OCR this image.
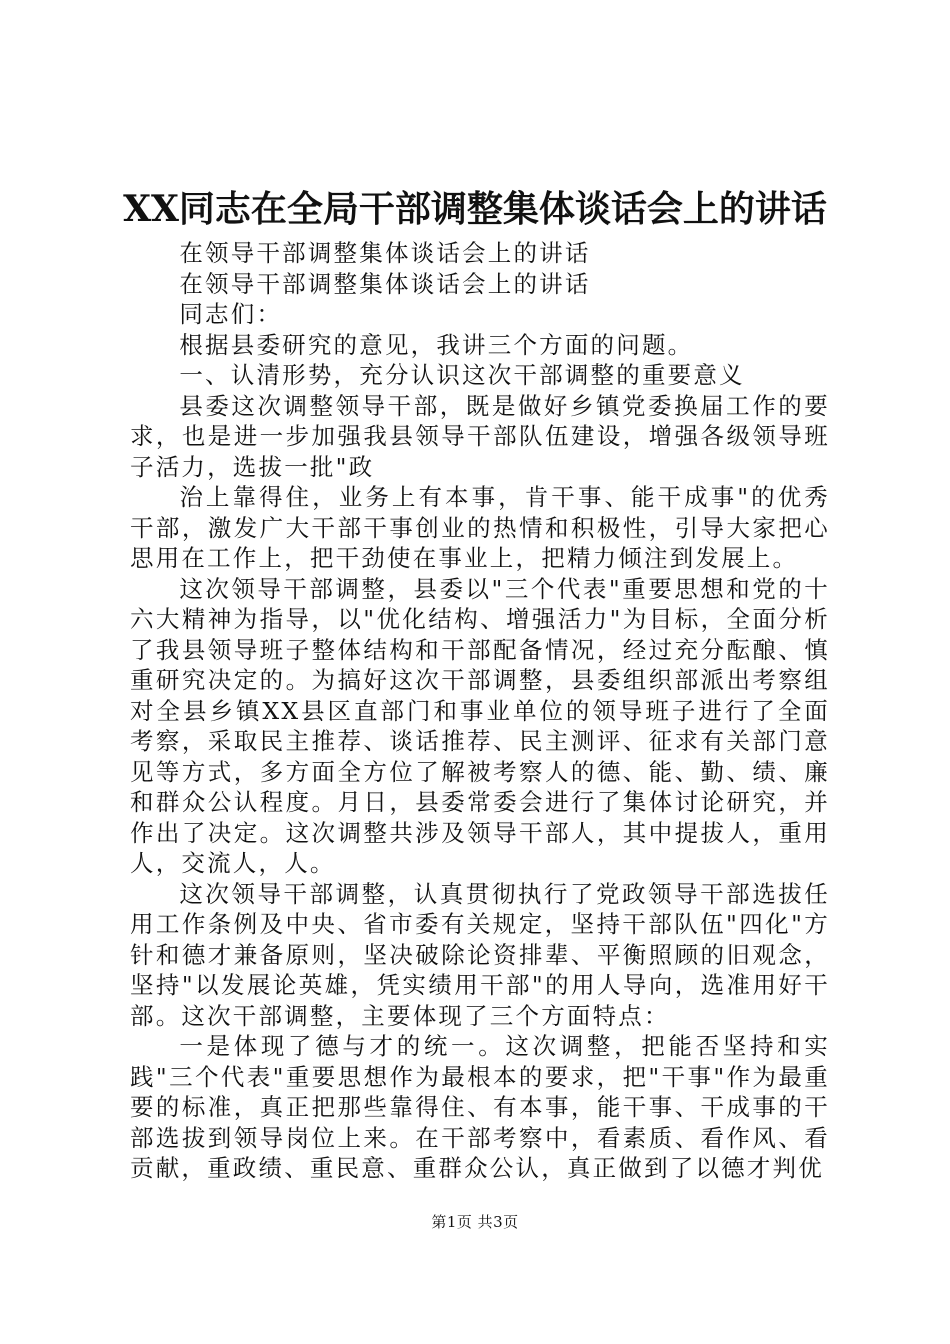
XX同志在全局干部调整集体谈话会上的讲话

在领导干部调整集体谈话会上的讲话

在领导干部调整集体谈话会上的讲话

同志们：

根据县委研究的意见，我讲三个方面的问题。

一、认清形势，充分认识这次干部调整的重要意义

县委这次调整领导干部，既是做好乡镇党委换届工作的要求，也是进一步加强我县领导干部队伍建设，增强各级领导班子活力，选拔一批"政

治上靠得住，业务上有本事，肯干事、能干成事"的优秀干部，激发广大干部干事创业的热情和积极性，引导大家把心思用在工作上，把干劲使在事业上，把精力倾注到发展上。

这次领导干部调整，县委以"三个代表"重要思想和党的十六大精神为指导，以"优化结构、增强活力"为目标，全面分析了我县领导班子整体结构和干部配备情况，经过充分酝酿、慎重研究决定的。为搞好这次干部调整，县委组织部派出考察组对全县乡镇XX县区直部门和事业单位的领导班子进行了全面考察，采取民主推荐、谈话推荐、民主测评、征求有关部门意见等方式，多方面全方位了解被考察人的德、能、勤、绩、廉和群众公认程度。月日，县委常委会进行了集体讨论研究，并作出了决定。这次调整共涉及领导干部人，其中提拔人，重用人，交流人，人。

这次领导干部调整，认真贯彻执行了党政领导干部选拔任用工作条例及中央、省市委有关规定，坚持干部队伍"四化"方针和德才兼备原则，坚决破除论资排辈、平衡照顾的旧观念，坚持"以发展论英雄，凭实绩用干部"的用人导向，选准用好干部。这次干部调整，主要体现了三个方面特点：

一是体现了德与才的统一。这次调整，把能否坚持和实践"三个代表"重要思想作为最根本的要求，把"干事"作为最重要的标准，真正把那些靠得住、有本事，能干事、干成事的干部选拔到领导岗位上来。在干部考察中，看素质、看作风、看贡献，重政绩、重民意、重群众公认，真正做到了以德才判优

第1页 共3页
